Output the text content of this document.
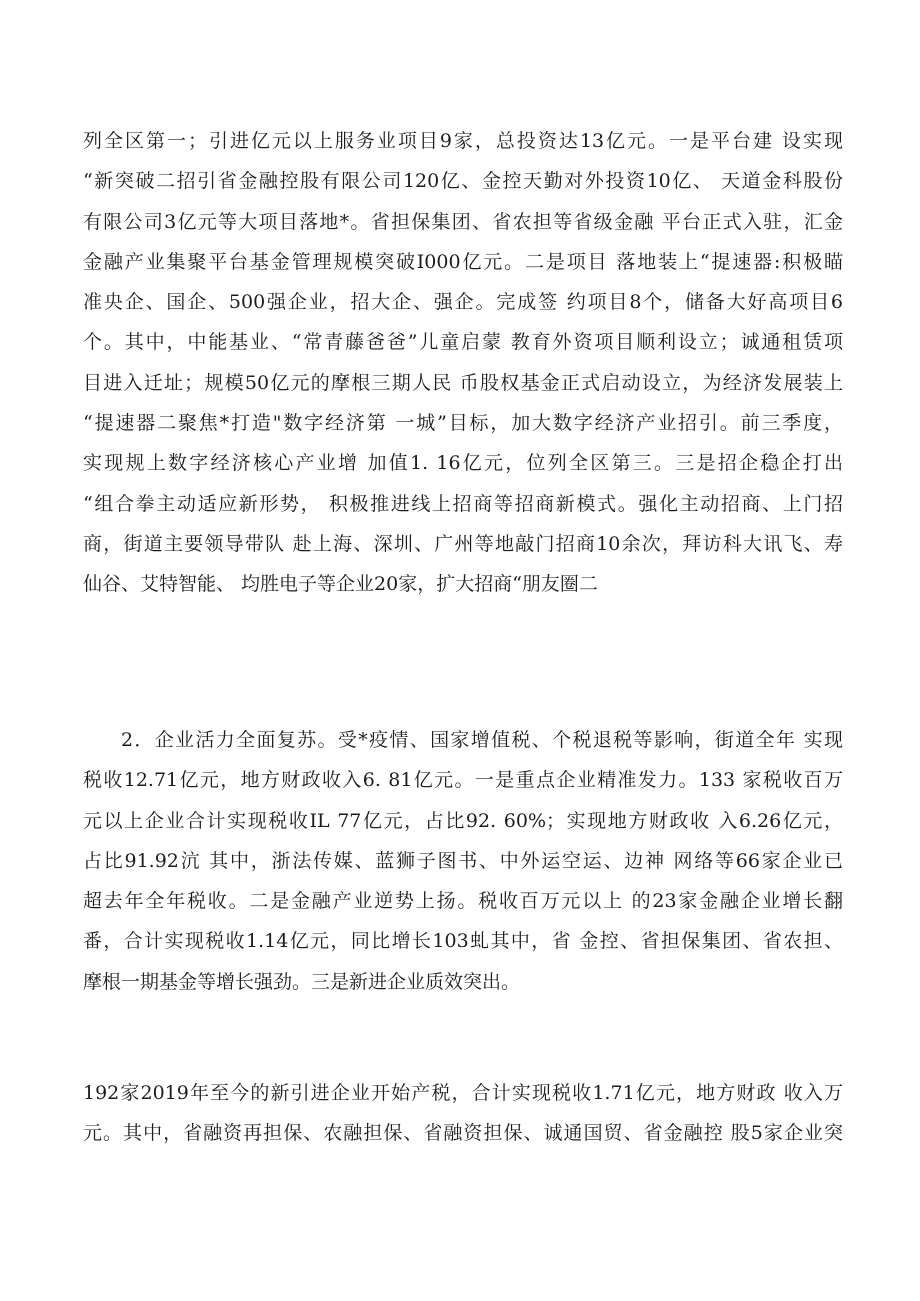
列全区第一；引进亿元以上服务业项目9家，总投资达13亿元。一是平台建 设实现
“新突破二招引省金融控股有限公司120亿、金控天勤对外投资10亿、 天道金科股份
有限公司3亿元等大项目落地*。省担保集团、省农担等省级金融 平台正式入驻，汇金
金融产业集聚平台基金管理规模突破I000亿元。二是项目 落地装上“提速器:积极瞄
准央企、国企、500强企业，招大企、强企。完成签 约项目8个，储备大好高项目6
个。其中，中能基业、“常青藤爸爸”儿童启蒙 教育外资项目顺利设立；诚通租赁项
目进入迁址；规模50亿元的摩根三期人民 币股权基金正式启动设立，为经济发展装上
“提速器二聚焦*打造"数字经济第 一城”目标，加大数字经济产业招引。前三季度，
实现规上数字经济核心产业增 加值1. 16亿元，位列全区第三。三是招企稳企打出
“组合拳主动适应新形势， 积极推进线上招商等招商新模式。强化主动招商、上门招
商，街道主要领导带队 赴上海、深圳、广州等地敲门招商10余次，拜访科大讯飞、寿
仙谷、艾特智能、 均胜电子等企业20家，扩大招商“朋友圈二
2．企业活力全面复苏。受*疫情、国家增值税、个税退税等影响，街道全年 实现
税收12.71亿元，地方财政收入6. 81亿元。一是重点企业精准发力。133 家税收百万
元以上企业合计实现税收IL 77亿元，占比92. 60%；实现地方财政收 入6.26亿元，
占比91.92沆 其中，浙法传媒、蓝狮子图书、中外运空运、边神 网络等66家企业已
超去年全年税收。二是金融产业逆势上扬。税收百万元以上 的23家金融企业增长翻
番，合计实现税收1.14亿元，同比增长103虬其中，省 金控、省担保集团、省农担、
摩根一期基金等增长强劲。三是新进企业质效突出。
192家2019年至今的新引进企业开始产税，合计实现税收1.71亿元，地方财政 收入万
元。其中，省融资再担保、农融担保、省融资担保、诚通国贸、省金融控 股5家企业突
